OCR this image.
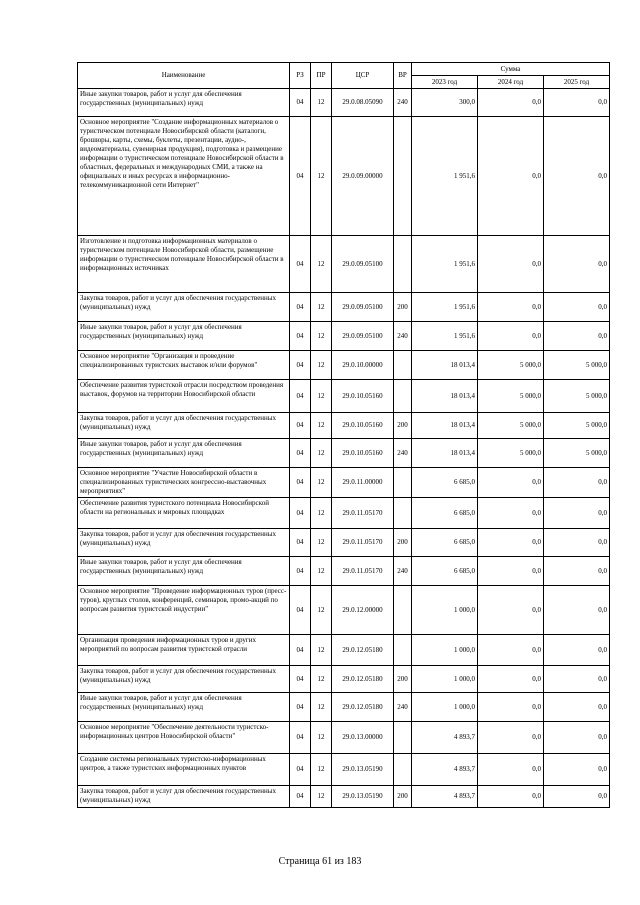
Наименование	РЗ	ПР	ЦСР	ВР	Сумма		
					2023 год	2024 год	2025 год
Иные закупки товаров, работ и услуг для обеспечения государственных (муниципальных) нужд	04	12	29.0.08.05090	240	300,0	0,0	0,0
Основное мероприятие "Создание информационных материалов о туристическом потенциале Новосибирской области (каталоги, брошюры, карты, схемы, буклеты, презентации, аудио-, видеоматериалы, сувенирная продукция), подготовка и размещение информации о туристическом потенциале Новосибирской области в областных, федеральных и международных СМИ, а также на официальных и иных ресурсах в информационно-телекоммуникационной сети Интернет"	04	12	29.0.09.00000		1 951,6	0,0	0,0
Изготовление и подготовка информационных материалов о туристическом потенциале Новосибирской области, размещение информации о туристическом потенциале Новосибирской области в информационных источниках	04	12	29.0.09.05100		1 951,6	0,0	0,0
Закупка товаров, работ и услуг для обеспечения государственных (муниципальных) нужд	04	12	29.0.09.05100	200	1 951,6	0,0	0,0
Иные закупки товаров, работ и услуг для обеспечения государственных (муниципальных) нужд	04	12	29.0.09.05100	240	1 951,6	0,0	0,0
Основное мероприятие "Организация и проведение специализированных туристских выставок и/или форумов"	04	12	29.0.10.00000		18 013,4	5 000,0	5 000,0
Обеспечение развития туристской отрасли посредством проведения выставок, форумов на территории Новосибирской области	04	12	29.0.10.05160		18 013,4	5 000,0	5 000,0
Закупка товаров, работ и услуг для обеспечения государственных (муниципальных) нужд	04	12	29.0.10.05160	200	18 013,4	5 000,0	5 000,0
Иные закупки товаров, работ и услуг для обеспечения государственных (муниципальных) нужд	04	12	29.0.10.05160	240	18 013,4	5 000,0	5 000,0
Основное мероприятие "Участие Новосибирской области в специализированных туристических конгрессно-выставочных мероприятиях"	04	12	29.0.11.00000		6 685,0	0,0	0,0
Обеспечение развития туристского потенциала Новосибирской области на региональных и мировых площадках	04	12	29.0.11.05170		6 685,0	0,0	0,0
Закупка товаров, работ и услуг для обеспечения государственных (муниципальных) нужд	04	12	29.0.11.05170	200	6 685,0	0,0	0,0
Иные закупки товаров, работ и услуг для обеспечения государственных (муниципальных) нужд	04	12	29.0.11.05170	240	6 685,0	0,0	0,0
Основное мероприятие "Проведение информационных туров (пресс-туров), круглых столов, конференций, семинаров, промо-акций по вопросам развития туристской индустрии"	04	12	29.0.12.00000		1 000,0	0,0	0,0
Организация проведения информационных туров и других мероприятий по вопросам развития туристской отрасли	04	12	29.0.12.05180		1 000,0	0,0	0,0
Закупка товаров, работ и услуг для обеспечения государственных (муниципальных) нужд	04	12	29.0.12.05180	200	1 000,0	0,0	0,0
Иные закупки товаров, работ и услуг для обеспечения государственных (муниципальных) нужд	04	12	29.0.12.05180	240	1 000,0	0,0	0,0
Основное мероприятие "Обеспечение деятельности туристско-информационных центров Новосибирской области"	04	12	29.0.13.00000		4 893,7	0,0	0,0
Создание системы региональных туристско-информационных центров, а также туристских информационных пунктов	04	12	29.0.13.05190		4 893,7	0,0	0,0
Закупка товаров, работ и услуг для обеспечения государственных (муниципальных) нужд	04	12	29.0.13.05190	200	4 893,7	0,0	0,0
Страница 61 из 183
